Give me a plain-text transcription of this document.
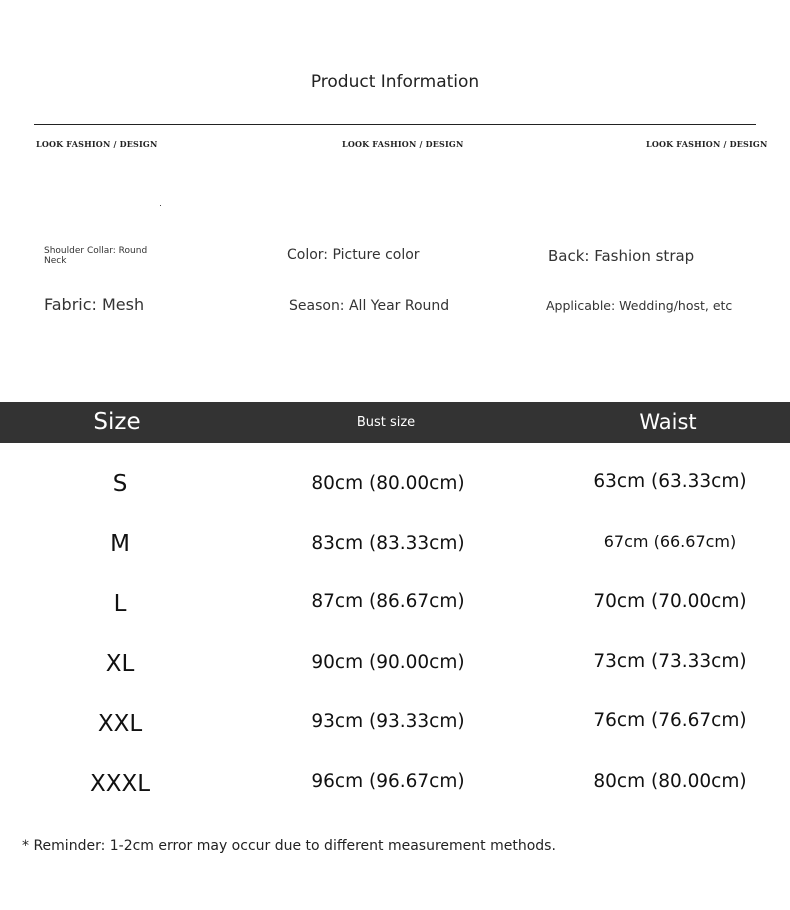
Product Information
LOOK FASHION / DESIGN	LOOK FASHION / DESIGN	LOOK FASHION / DESIGN
Shoulder Collar: Round Neck	Color: Picture color	Back: Fashion strap
Fabric: Mesh	Season: All Year Round	Applicable: Wedding/host, etc
Size	Bust size	Waist
S	80cm (80.00cm)	63cm (63.33cm)
M	83cm (83.33cm)	67cm (66.67cm)
L	87cm (86.67cm)	70cm (70.00cm)
XL	90cm (90.00cm)	73cm (73.33cm)
XXL	93cm (93.33cm)	76cm (76.67cm)
XXXL	96cm (96.67cm)	80cm (80.00cm)
* Reminder: 1-2cm error may occur due to different measurement methods.
